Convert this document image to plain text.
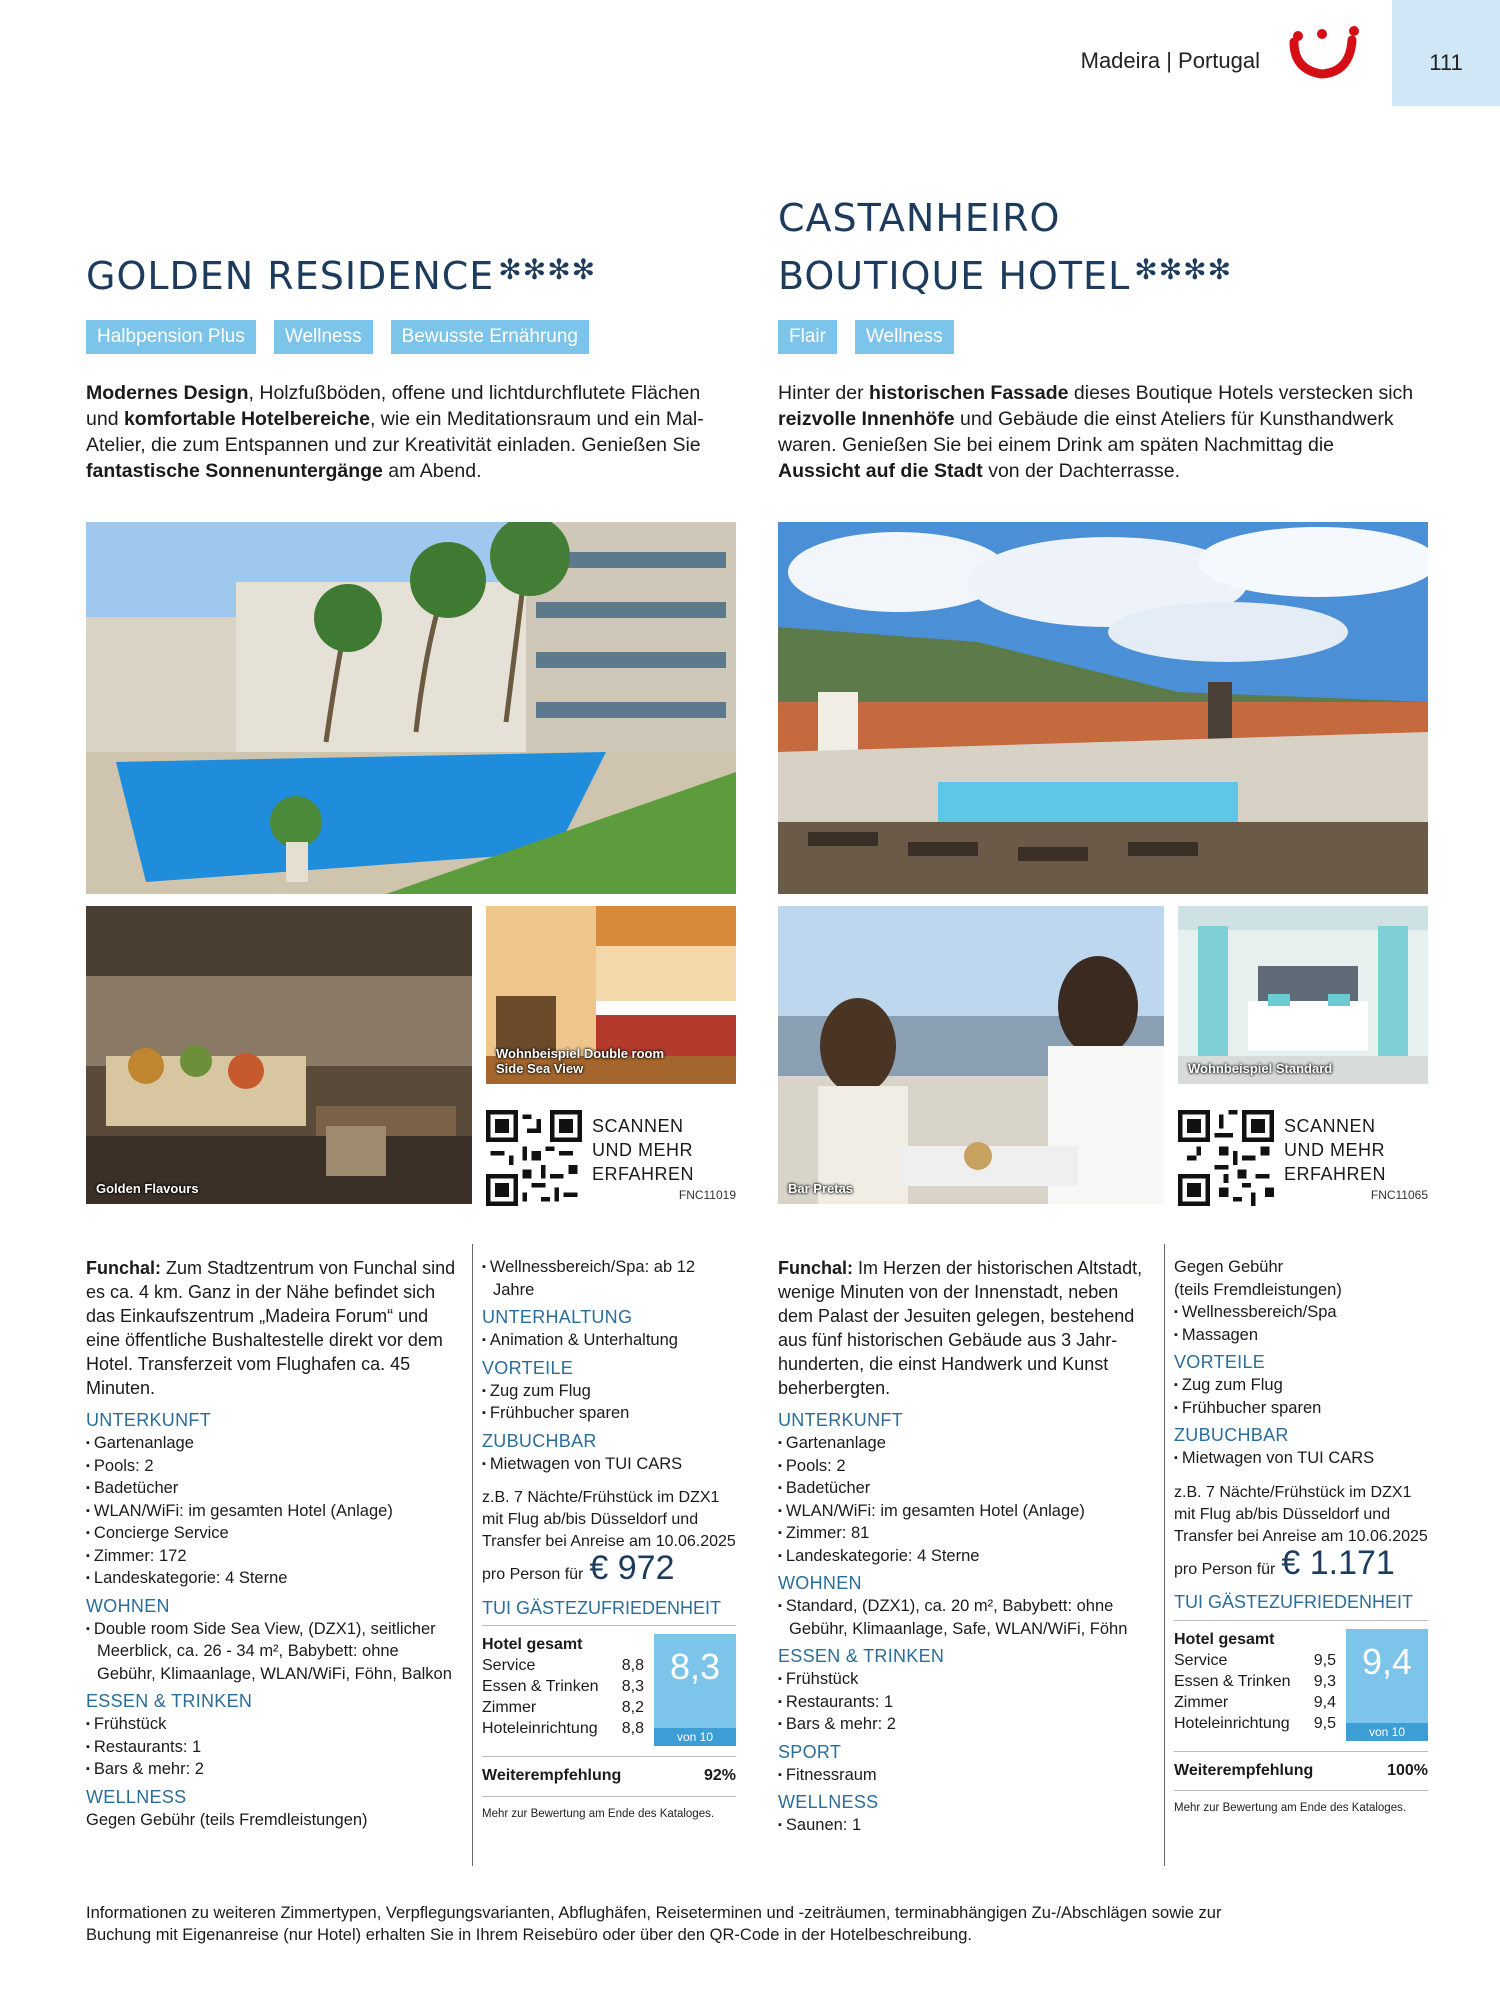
Madeira | Portugal	111
GOLDEN RESIDENCE ✻✻✻✻
Halbpension Plus	Wellness	Bewusste Ernährung
Modernes Design, Holzfußböden, offene und lichtdurchflutete Flächen und komfortable Hotelbereiche, wie ein Meditationsraum und ein Mal-Atelier, die zum Entspannen und zur Kreativität einladen. Genießen Sie fantastische Sonnenuntergänge am Abend.
Golden Flavours
Wohnbeispiel Double room
Side Sea View
SCANNEN
UND MEHR
ERFAHREN
FNC11019

Funchal: Zum Stadtzentrum von Funchal sind es ca. 4 km. Ganz in der Nähe befindet sich das Einkaufszentrum „Madeira Forum“ und eine öffentliche Bushaltestelle direkt vor dem Hotel. Transferzeit vom Flughafen ca. 45 Minuten.

UNTERKUNFT
▪ Gartenanlage
▪ Pools: 2
▪ Badetücher
▪ WLAN/WiFi: im gesamten Hotel (Anlage)
▪ Concierge Service
▪ Zimmer: 172
▪ Landeskategorie: 4 Sterne
WOHNEN
▪ Double room Side Sea View, (DZX1), seitlicher Meerblick, ca. 26 - 34 m², Babybett: ohne Gebühr, Klimaanlage, WLAN/WiFi, Föhn, Balkon
ESSEN & TRINKEN
▪ Frühstück
▪ Restaurants: 1
▪ Bars & mehr: 2
WELLNESS

Gegen Gebühr (teils Fremdleistungen)

▪ Wellnessbereich/Spa: ab 12 Jahre
UNTERHALTUNG
▪ Animation & Unterhaltung
VORTEILE
▪ Zug zum Flug
▪ Frühbucher sparen
ZUBUCHBAR
▪ Mietwagen von TUI CARS
z.B. 7 Nächte/Frühstück im DZX1 mit Flug ab/bis Düsseldorf und Transfer bei Anreise am 10.06.2025
pro Person für € 972
TUI GÄSTEZUFRIEDENHEIT
Hotel gesamt
Service	8,8
Essen & Trinken 8,3
Zimmer	8,2
Hoteleinrichtung 8,8
8,3
von 10
Weiterempfehlung	92%
Mehr zur Bewertung am Ende des Kataloges.
CASTANHEIRO
BOUTIQUE HOTEL ✻✻✻✻
Flair	Wellness
Hinter der historischen Fassade dieses Boutique Hotels verstecken sich reizvolle Innenhöfe und Gebäude die einst Ateliers für Kunsthandwerk waren. Genießen Sie bei einem Drink am späten Nachmittag die Aussicht auf die Stadt von der Dachterrasse.
Bar Pretas
Wohnbeispiel Standard
SCANNEN
UND MEHR
ERFAHREN
FNC11065

Funchal: Im Herzen der historischen Altstadt, wenige Minuten von der Innenstadt, neben dem Palast der Jesuiten gelegen, bestehend aus fünf historischen Gebäude aus 3 Jahr-hunderten, die einst Handwerk und Kunst beherbergten.

UNTERKUNFT
▪ Gartenanlage
▪ Pools: 2
▪ Badetücher
▪ WLAN/WiFi: im gesamten Hotel (Anlage)
▪ Zimmer: 81
▪ Landeskategorie: 4 Sterne
WOHNEN
▪ Standard, (DZX1), ca. 20 m², Babybett: ohne Gebühr, Klimaanlage, Safe, WLAN/WiFi, Föhn
ESSEN & TRINKEN
▪ Frühstück
▪ Restaurants: 1
▪ Bars & mehr: 2
SPORT
▪ Fitnessraum
WELLNESS
▪ Saunen: 1

Gegen Gebühr
(teils Fremdleistungen)

▪ Wellnessbereich/Spa
▪ Massagen
VORTEILE
▪ Zug zum Flug
▪ Frühbucher sparen
ZUBUCHBAR
▪ Mietwagen von TUI CARS
z.B. 7 Nächte/Frühstück im DZX1 mit Flug ab/bis Düsseldorf und Transfer bei Anreise am 10.06.2025
pro Person für € 1.171
TUI GÄSTEZUFRIEDENHEIT
Hotel gesamt
Service	9,5
Essen & Trinken 9,3
Zimmer	9,4
Hoteleinrichtung 9,5
9,4
von 10
Weiterempfehlung	100%
Mehr zur Bewertung am Ende des Kataloges.
Informationen zu weiteren Zimmertypen, Verpflegungsvarianten, Abflughäfen, Reiseterminen und -zeiträumen, terminabhängigen Zu-/Abschlägen sowie zur Buchung mit Eigenanreise (nur Hotel) erhalten Sie in Ihrem Reisebüro oder über den QR-Code in der Hotelbeschreibung.
